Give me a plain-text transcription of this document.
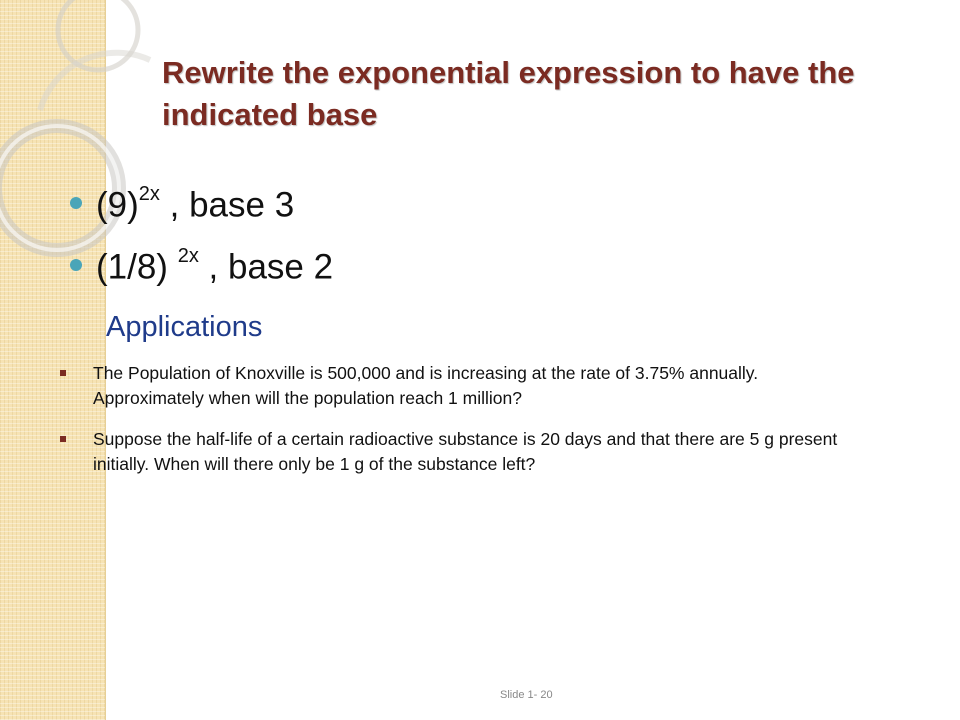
Rewrite the exponential expression to have the indicated base
$(9)^{2x}$ , base 3
(1/8) $^{2x}$ , base 2
Applications
The Population of Knoxville is 500,000 and is increasing at the rate of 3.75% annually. Approximately when will the population reach 1 million?
Suppose the half-life of a certain radioactive substance is 20 days and that there are 5 g present initially. When will there only be 1 g of the substance left?
Slide 1- 20
